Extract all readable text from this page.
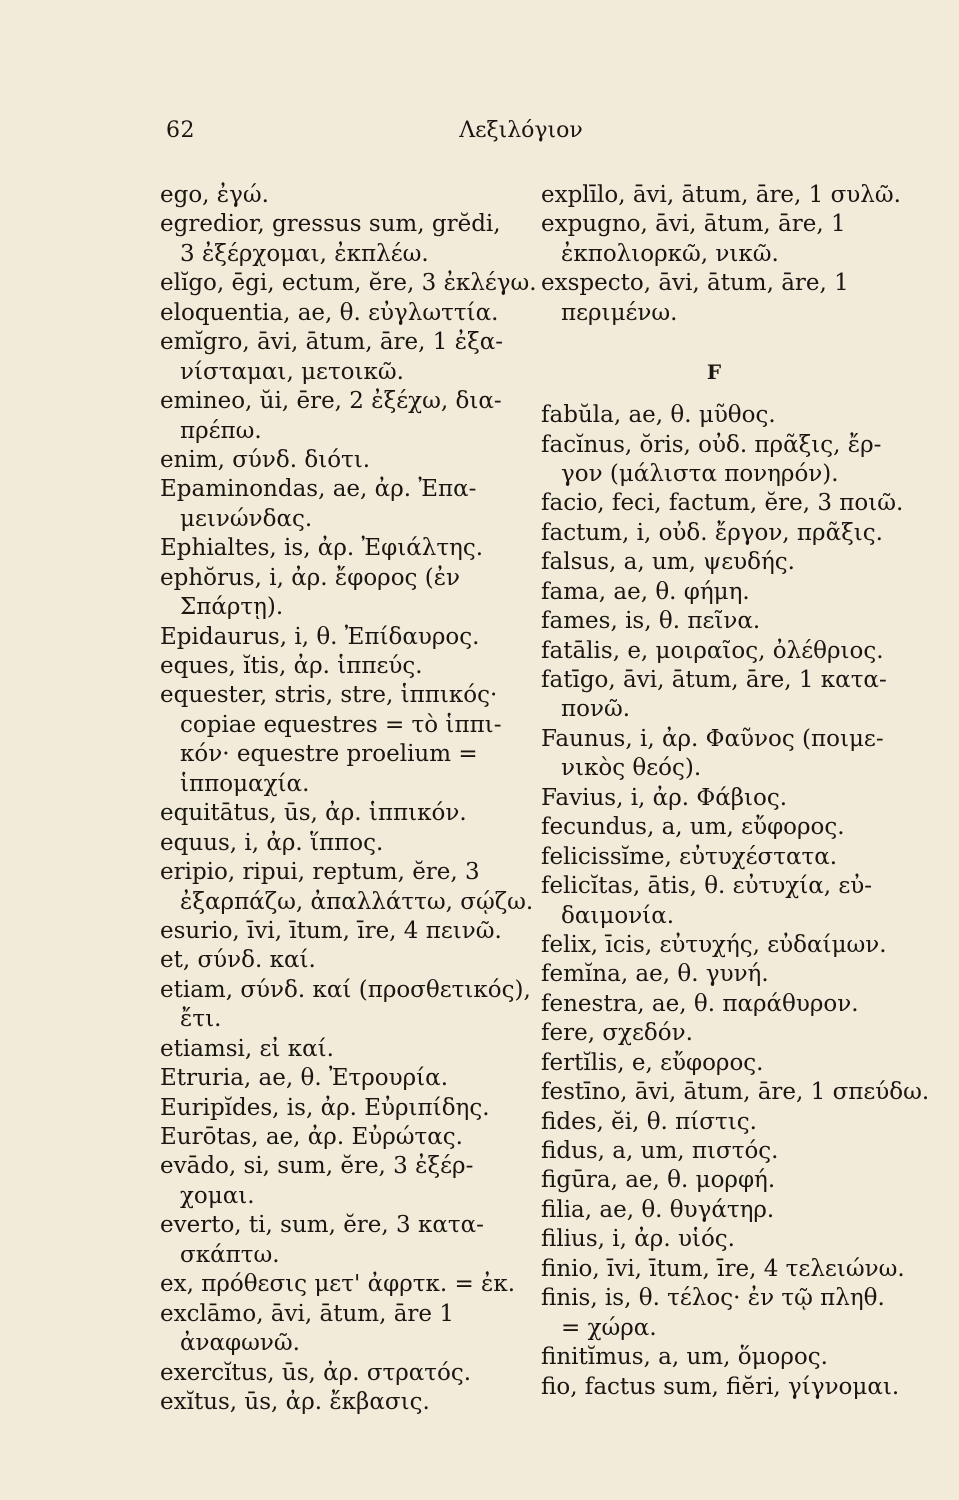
62	Λεξιλόγιον
ego, ἐγώ.
egredior, gressus sum, grĕdi,
3 ἐξέρχομαι, ἐκπλέω.
elĭgo, ēgi, ectum, ĕre, 3 ἐκλέγω.
eloquentia, ae, θ. εὐγλωττία.
emĭgro, āvi, ātum, āre, 1 ἐξα-
νίσταμαι, μετοικῶ.
emineo, ŭi, ēre, 2 ἐξέχω, δια-
πρέπω.
enim, σύνδ. διότι.
Epaminondas, ae, ἀρ. Ἐπα-
μεινώνδας.
Ephialtes, is, ἀρ. Ἐφιάλτης.
ephŏrus, i, ἀρ. ἔφορος (ἐν
Σπάρτῃ).
Epidaurus, i, θ. Ἐπίδαυρος.
eques, ĭtis, ἀρ. ἱππεύς.
equester, stris, stre, ἱππικός·
copiae equestres = τὸ ἱππι-
κόν· equestre proelium =
ἱππομαχία.
equitātus, ūs, ἀρ. ἱππικόν.
equus, i, ἀρ. ἵππος.
eripio, ripui, reptum, ĕre, 3
ἐξαρπάζω, ἀπαλλάττω, σῴζω.
esurio, īvi, ītum, īre, 4 πεινῶ.
et, σύνδ. καί.
etiam, σύνδ. καί (προσθετικός),
ἔτι.
etiamsi, εἰ καί.
Etruria, ae, θ. Ἐτρουρία.
Euripĭdes, is, ἀρ. Εὐριπίδης.
Eurōtas, ae, ἀρ. Εὐρώτας.
evādo, si, sum, ĕre, 3 ἐξέρ-
χομαι.
everto, ti, sum, ĕre, 3 κατα-
σκάπτω.
ex, πρόθεσις μετ' ἀφρτκ. = ἐκ.
exclāmo, āvi, ātum, āre 1
ἀναφωνῶ.
exercĭtus, ūs, ἀρ. στρατός.
exĭtus, ūs, ἀρ. ἔκβασις.
explīlo, āvi, ātum, āre, 1 συλῶ.
expugno, āvi, ātum, āre, 1
ἐκπολιορκῶ, νικῶ.
exspecto, āvi, ātum, āre, 1
περιμένω.
F
fabŭla, ae, θ. μῦθος.
facĭnus, ŏris, οὐδ. πρᾶξις, ἔρ-
γον (μάλιστα πονηρόν).
facio, feci, factum, ĕre, 3 ποιῶ.
factum, i, οὐδ. ἔργον, πρᾶξις.
falsus, a, um, ψευδής.
fama, ae, θ. φήμη.
fames, is, θ. πεῖνα.
fatālis, e, μοιραῖος, ὀλέθριος.
fatīgo, āvi, ātum, āre, 1 κατα-
πονῶ.
Faunus, i, ἀρ. Φαῦνος (ποιμε-
νικὸς θεός).
Favius, i, ἀρ. Φάβιος.
fecundus, a, um, εὔφορος.
felicissĭme, εὐτυχέστατα.
felicĭtas, ātis, θ. εὐτυχία, εὐ-
δαιμονία.
felix, īcis, εὐτυχής, εὐδαίμων.
femĭna, ae, θ. γυνή.
fenestra, ae, θ. παράθυρον.
fere, σχεδόν.
fertĭlis, e, εὔφορος.
festīno, āvi, ātum, āre, 1 σπεύδω.
fides, ĕi, θ. πίστις.
fidus, a, um, πιστός.
figūra, ae, θ. μορφή.
filia, ae, θ. θυγάτηρ.
filius, i, ἀρ. υἱός.
finio, īvi, ītum, īre, 4 τελειώνω.
finis, is, θ. τέλος· ἐν τῷ πληθ.
= χώρα.
finitĭmus, a, um, ὅμορος.
fio, factus sum, fiĕri, γίγνομαι.
